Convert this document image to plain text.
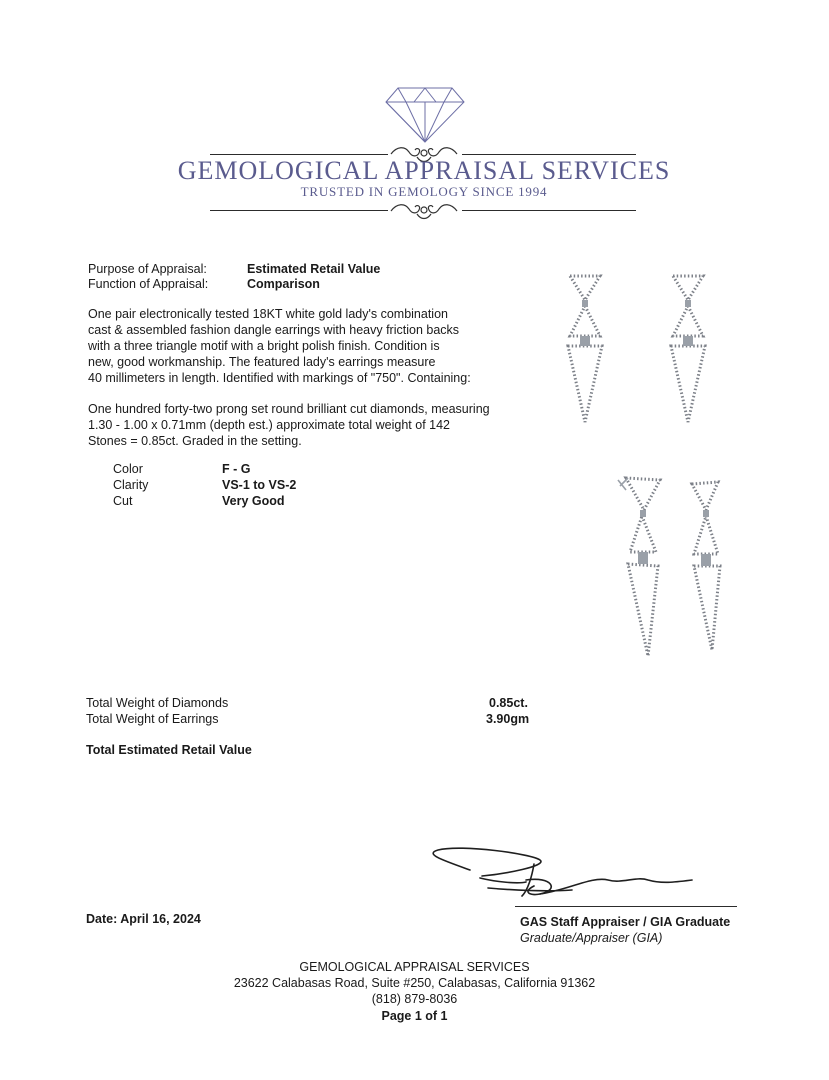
GEMOLOGICAL APPRAISAL SERVICES
TRUSTED IN GEMOLOGY SINCE 1994
Purpose of Appraisal:	Estimated Retail Value
Function of Appraisal:	Comparison
One pair electronically tested 18KT white gold lady's combination
cast & assembled fashion dangle earrings with heavy friction backs
with a three triangle motif with a bright polish finish. Condition is
new, good workmanship. The featured lady's earrings measure
40 millimeters in length. Identified with markings of "750". Containing:
One hundred forty-two prong set round brilliant cut diamonds, measuring
1.30 - 1.00 x 0.71mm (depth est.) approximate total weight of 142
Stones = 0.85ct. Graded in the setting.
Color	F - G
Clarity	VS-1 to VS-2
Cut	Very Good
Total Weight of Diamonds	0.85ct.
Total Weight of Earrings	3.90gm
Total Estimated Retail Value
Date: April 16, 2024	GAS Staff Appraiser / GIA Graduate
Graduate/Appraiser (GIA)
GEMOLOGICAL APPRAISAL SERVICES
23622 Calabasas Road, Suite #250, Calabasas, California 91362
(818) 879-8036
Page 1 of 1
